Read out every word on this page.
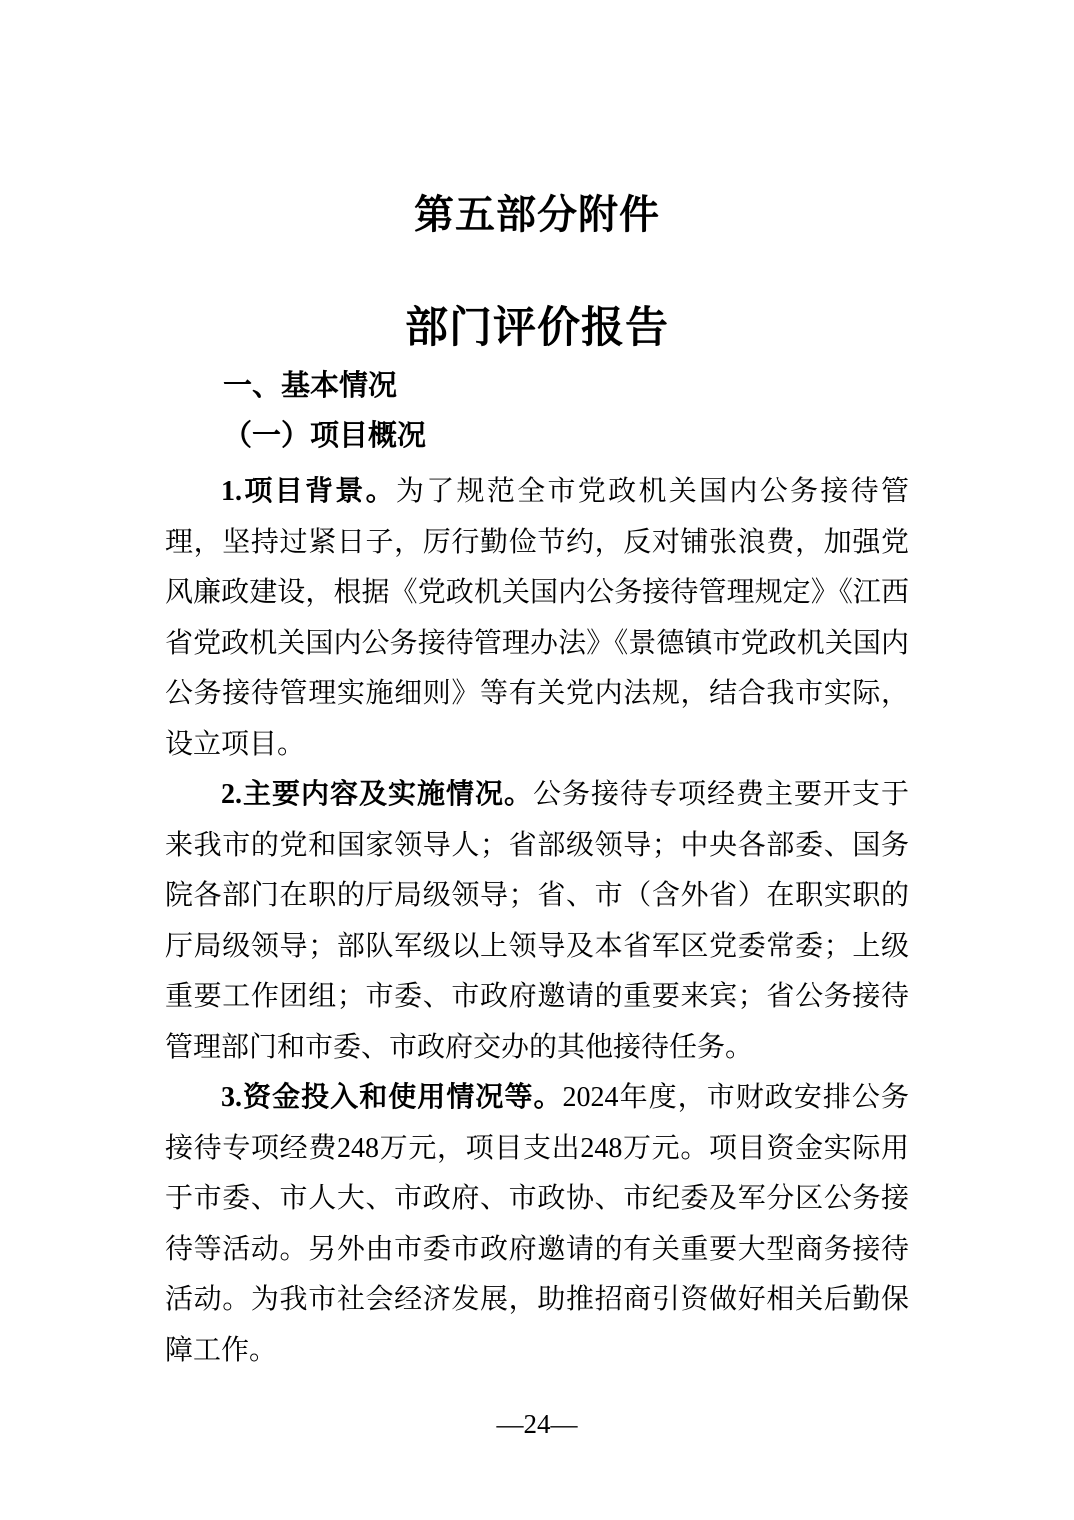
第五部分附件
部门评价报告
一、基本情况
（一）项目概况

1.项目背景。为了规范全市党政机关国内公务接待管理，坚持过紧日子，厉行勤俭节约，反对铺张浪费，加强党风廉政建设，根据《党政机关国内公务接待管理规定》《江西省党政机关国内公务接待管理办法》《景德镇市党政机关国内公务接待管理实施细则》等有关党内法规，结合我市实际，设立项目。

2.主要内容及实施情况。公务接待专项经费主要开支于来我市的党和国家领导人；省部级领导；中央各部委、国务院各部门在职的厅局级领导；省、市（含外省）在职实职的厅局级领导；部队军级以上领导及本省军区党委常委；上级重要工作团组；市委、市政府邀请的重要来宾；省公务接待管理部门和市委、市政府交办的其他接待任务。

3.资金投入和使用情况等。2024年度，市财政安排公务接待专项经费248万元，项目支出248万元。项目资金实际用于市委、市人大、市政府、市政协、市纪委及军分区公务接待等活动。另外由市委市政府邀请的有关重要大型商务接待活动。为我市社会经济发展，助推招商引资做好相关后勤保障工作。

—24—
